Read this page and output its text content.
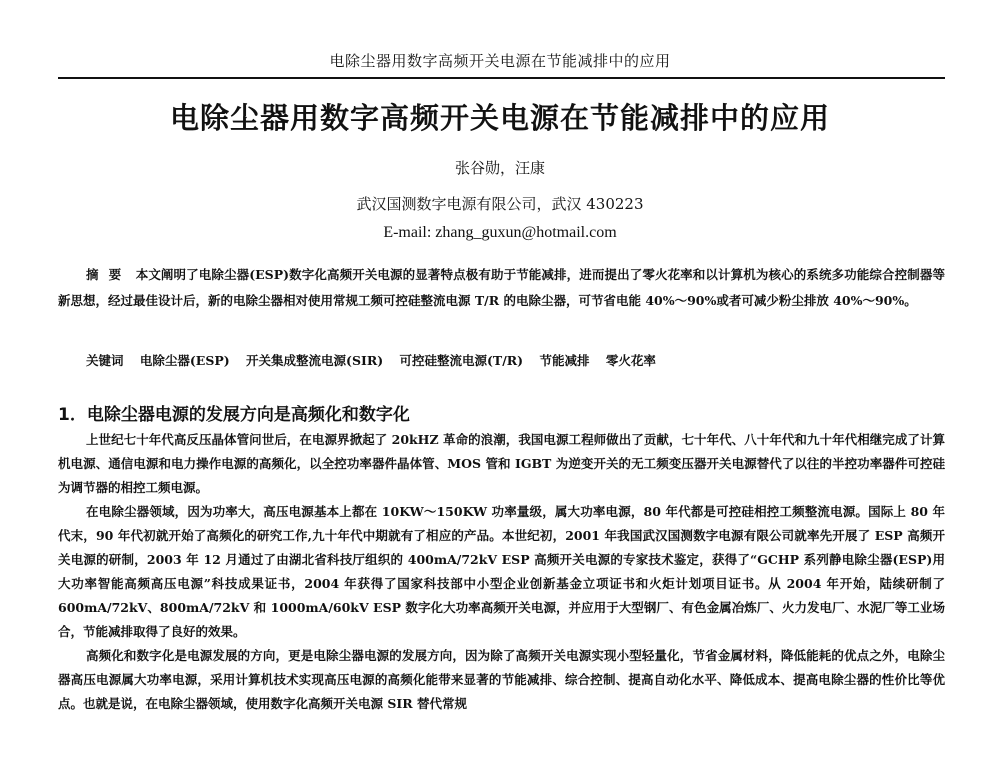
电除尘器用数字高频开关电源在节能减排中的应用
电除尘器用数字高频开关电源在节能减排中的应用
张谷勋，汪康
武汉国测数字电源有限公司，武汉 430223
E-mail: zhang_guxun@hotmail.com
摘要 本文阐明了电除尘器(ESP)数字化高频开关电源的显著特点极有助于节能减排，进而提出了零火花率和以计算机为核心的系统多功能综合控制器等新思想，经过最佳设计后，新的电除尘器相对使用常规工频可控硅整流电源 T/R 的电除尘器，可节省电能 40%～90%或者可减少粉尘排放 40%～90%。
关键词 电除尘器(ESP) 开关集成整流电源(SIR) 可控硅整流电源(T/R) 节能减排 零火花率
1．电除尘器电源的发展方向是高频化和数字化

上世纪七十年代高反压晶体管问世后，在电源界掀起了 20kHZ 革命的浪潮，我国电源工程师做出了贡献，七十年代、八十年代和九十年代相继完成了计算机电源、通信电源和电力操作电源的高频化，以全控功率器件晶体管、MOS 管和 IGBT 为逆变开关的无工频变压器开关电源替代了以往的半控功率器件可控硅为调节器的相控工频电源。

在电除尘器领域，因为功率大，高压电源基本上都在 10KW～150KW 功率量级，属大功率电源，80 年代都是可控硅相控工频整流电源。国际上 80 年代末，90 年代初就开始了高频化的研究工作,九十年代中期就有了相应的产品。本世纪初，2001 年我国武汉国测数字电源有限公司就率先开展了 ESP 高频开关电源的研制，2003 年 12 月通过了由湖北省科技厅组织的 400mA/72kV ESP 高频开关电源的专家技术鉴定，获得了“GCHP 系列静电除尘器(ESP)用大功率智能高频高压电源”科技成果证书，2004 年获得了国家科技部中小型企业创新基金立项证书和火炬计划项目证书。从 2004 年开始，陆续研制了 600mA/72kV、800mA/72kV 和 1000mA/60kV ESP 数字化大功率高频开关电源，并应用于大型钢厂、有色金属冶炼厂、火力发电厂、水泥厂等工业场合，节能减排取得了良好的效果。

高频化和数字化是电源发展的方向，更是电除尘器电源的发展方向，因为除了高频开关电源实现小型轻量化，节省金属材料，降低能耗的优点之外，电除尘器高压电源属大功率电源，采用计算机技术实现高压电源的高频化能带来显著的节能减排、综合控制、提高自动化水平、降低成本、提高电除尘器的性价比等优点。也就是说，在电除尘器领域，使用数字化高频开关电源 SIR 替代常规
